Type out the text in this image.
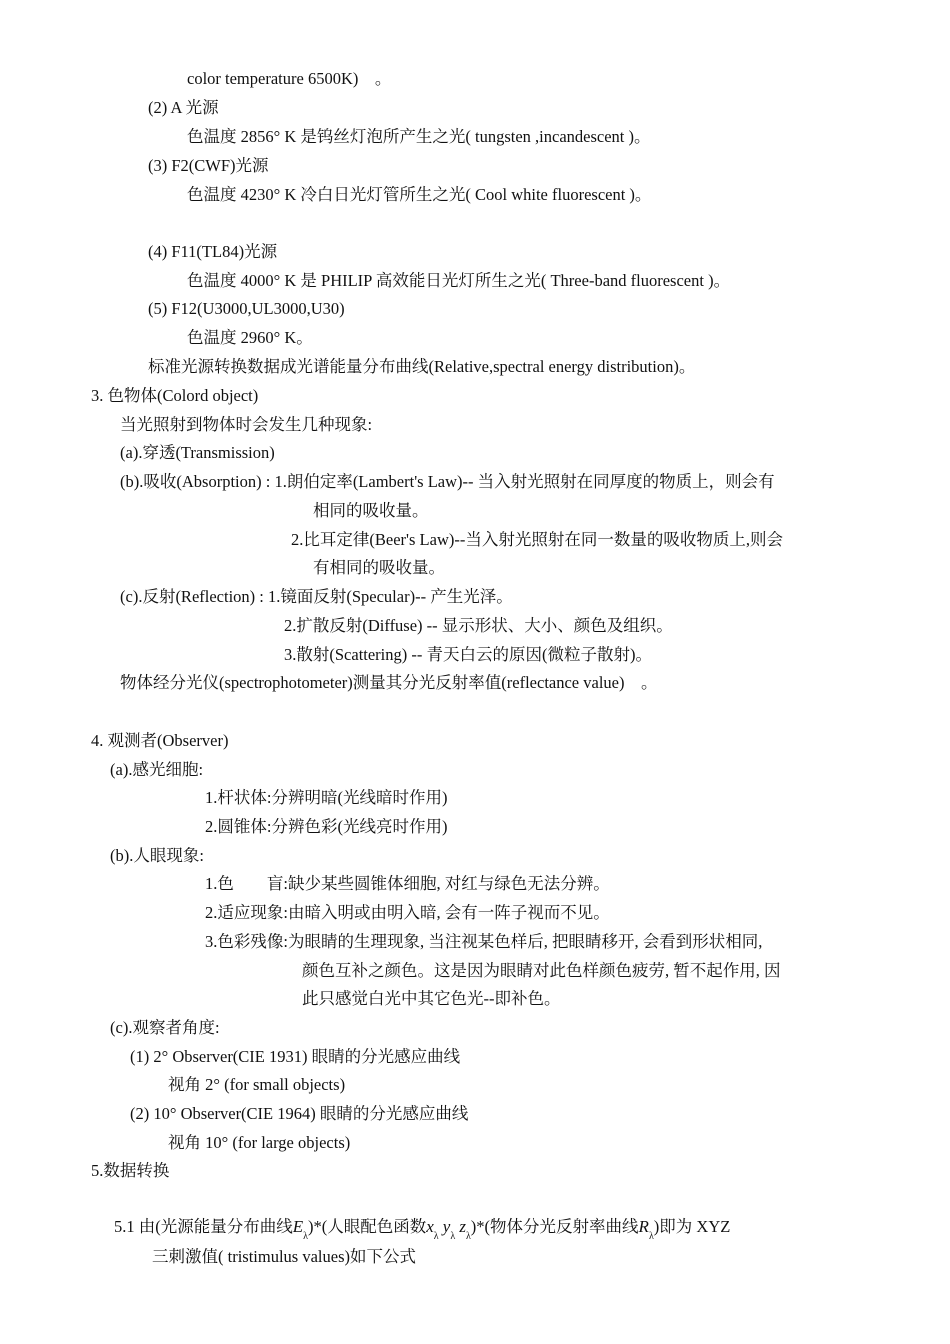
color temperature 6500K)　。
(2) A 光源
色温度 2856° K 是钨丝灯泡所产生之光( tungsten ,incandescent )。
(3) F2(CWF)光源
色温度 4230° K 冷白日光灯管所生之光( Cool white fluorescent )。
(4) F11(TL84)光源
色温度 4000° K 是 PHILIP 高效能日光灯所生之光( Three-band fluorescent )。
(5) F12(U3000,UL3000,U30)
色温度 2960° K。
标准光源转换数据成光谱能量分布曲线(Relative,spectral energy distribution)。
3. 色物体(Colord object)
当光照射到物体时会发生几种现象:
(a).穿透(Transmission)
(b).吸收(Absorption) : 1.朗伯定率(Lambert's Law)-- 当入射光照射在同厚度的物质上，则会有
相同的吸收量。
2.比耳定律(Beer's Law)--当入射光照射在同一数量的吸收物质上,则会
有相同的吸收量。
(c).反射(Reflection) : 1.镜面反射(Specular)-- 产生光泽。
2.扩散反射(Diffuse) -- 显示形状、大小、颜色及组织。
3.散射(Scattering) -- 青天白云的原因(微粒子散射)。
物体经分光仪(spectrophotometer)测量其分光反射率值(reflectance value)　。
4. 观测者(Observer)
(a).感光细胞:
1.杆状体:分辨明暗(光线暗时作用)
2.圆锥体:分辨色彩(光线亮时作用)
(b).人眼现象:
1.色　　盲:缺少某些圆锥体细胞, 对红与绿色无法分辨。
2.适应现象:由暗入明或由明入暗, 会有一阵子视而不见。
3.色彩残像:为眼睛的生理现象, 当注视某色样后, 把眼睛移开, 会看到形状相同,
颜色互补之颜色。这是因为眼睛对此色样颜色疲劳, 暂不起作用, 因
此只感觉白光中其它色光--即补色。
(c).观察者角度:
(1) 2° Observer(CIE 1931) 眼睛的分光感应曲线
视角 2° (for small objects)
(2) 10° Observer(CIE 1964) 眼睛的分光感应曲线
视角 10° (for large objects)
5.数据转换
5.1 由(光源能量分布曲线$E_\lambda)*$(人眼配色函数$x_\lambda$ $y_\lambda$ $z_\lambda)*$(物体分光反射率曲线$R_\lambda$)即为 XYZ
三刺激值( tristimulus values)如下公式
